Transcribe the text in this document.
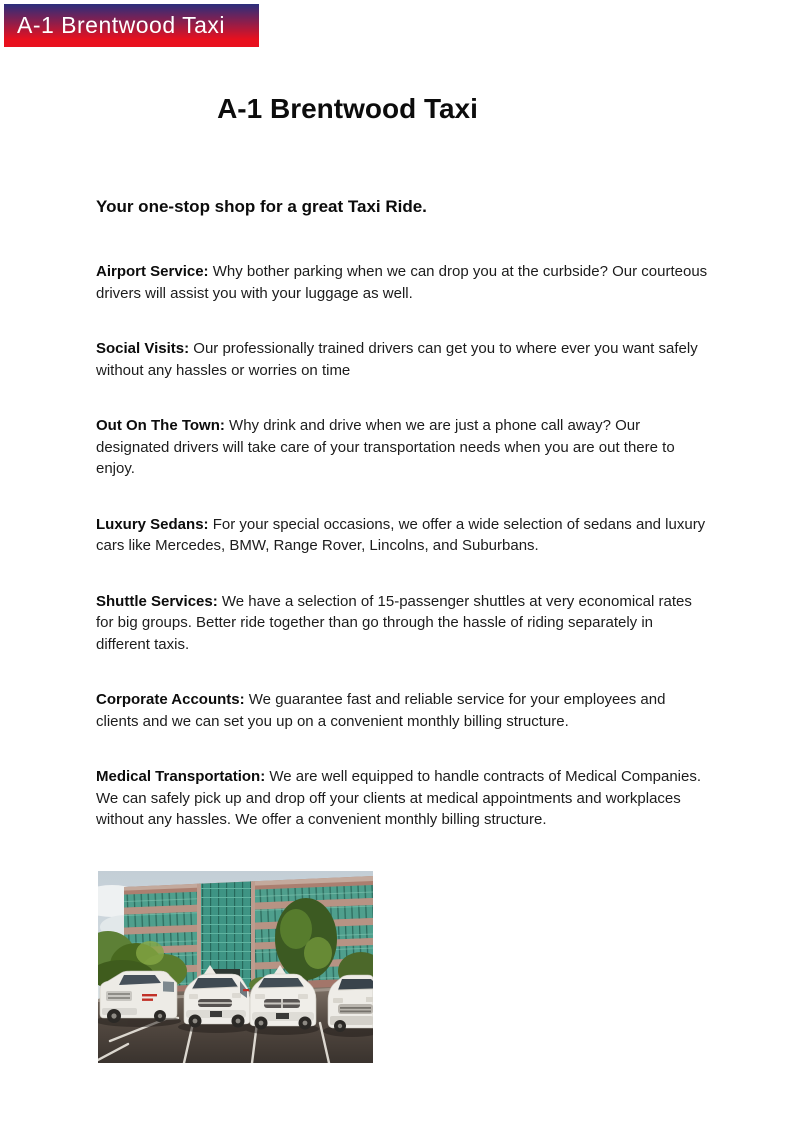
A-1 Brentwood Taxi
A-1 Brentwood Taxi

Your one-stop shop for a great Taxi Ride.

Airport Service: Why bother parking when we can drop you at the curbside? Our courteous drivers will assist you with your luggage as well.

Social Visits: Our professionally trained drivers can get you to where ever you want safely without any hassles or worries on time

Out On The Town: Why drink and drive when we are just a phone call away? Our designated drivers will take care of your transportation needs when you are out there to enjoy.

Luxury Sedans: For your special occasions, we offer a wide selection of sedans and luxury cars like Mercedes, BMW, Range Rover, Lincolns, and Suburbans.

Shuttle Services: We have a selection of 15-passenger shuttles at very economical rates for big groups. Better ride together than go through the hassle of riding separately in different taxis.

Corporate Accounts: We guarantee fast and reliable service for your employees and clients and we can set you up on a convenient monthly billing structure.

Medical Transportation: We are well equipped to handle contracts of Medical Companies. We can safely pick up and drop off your clients at medical appointments and workplaces without any hassles. We offer a convenient monthly billing structure.
